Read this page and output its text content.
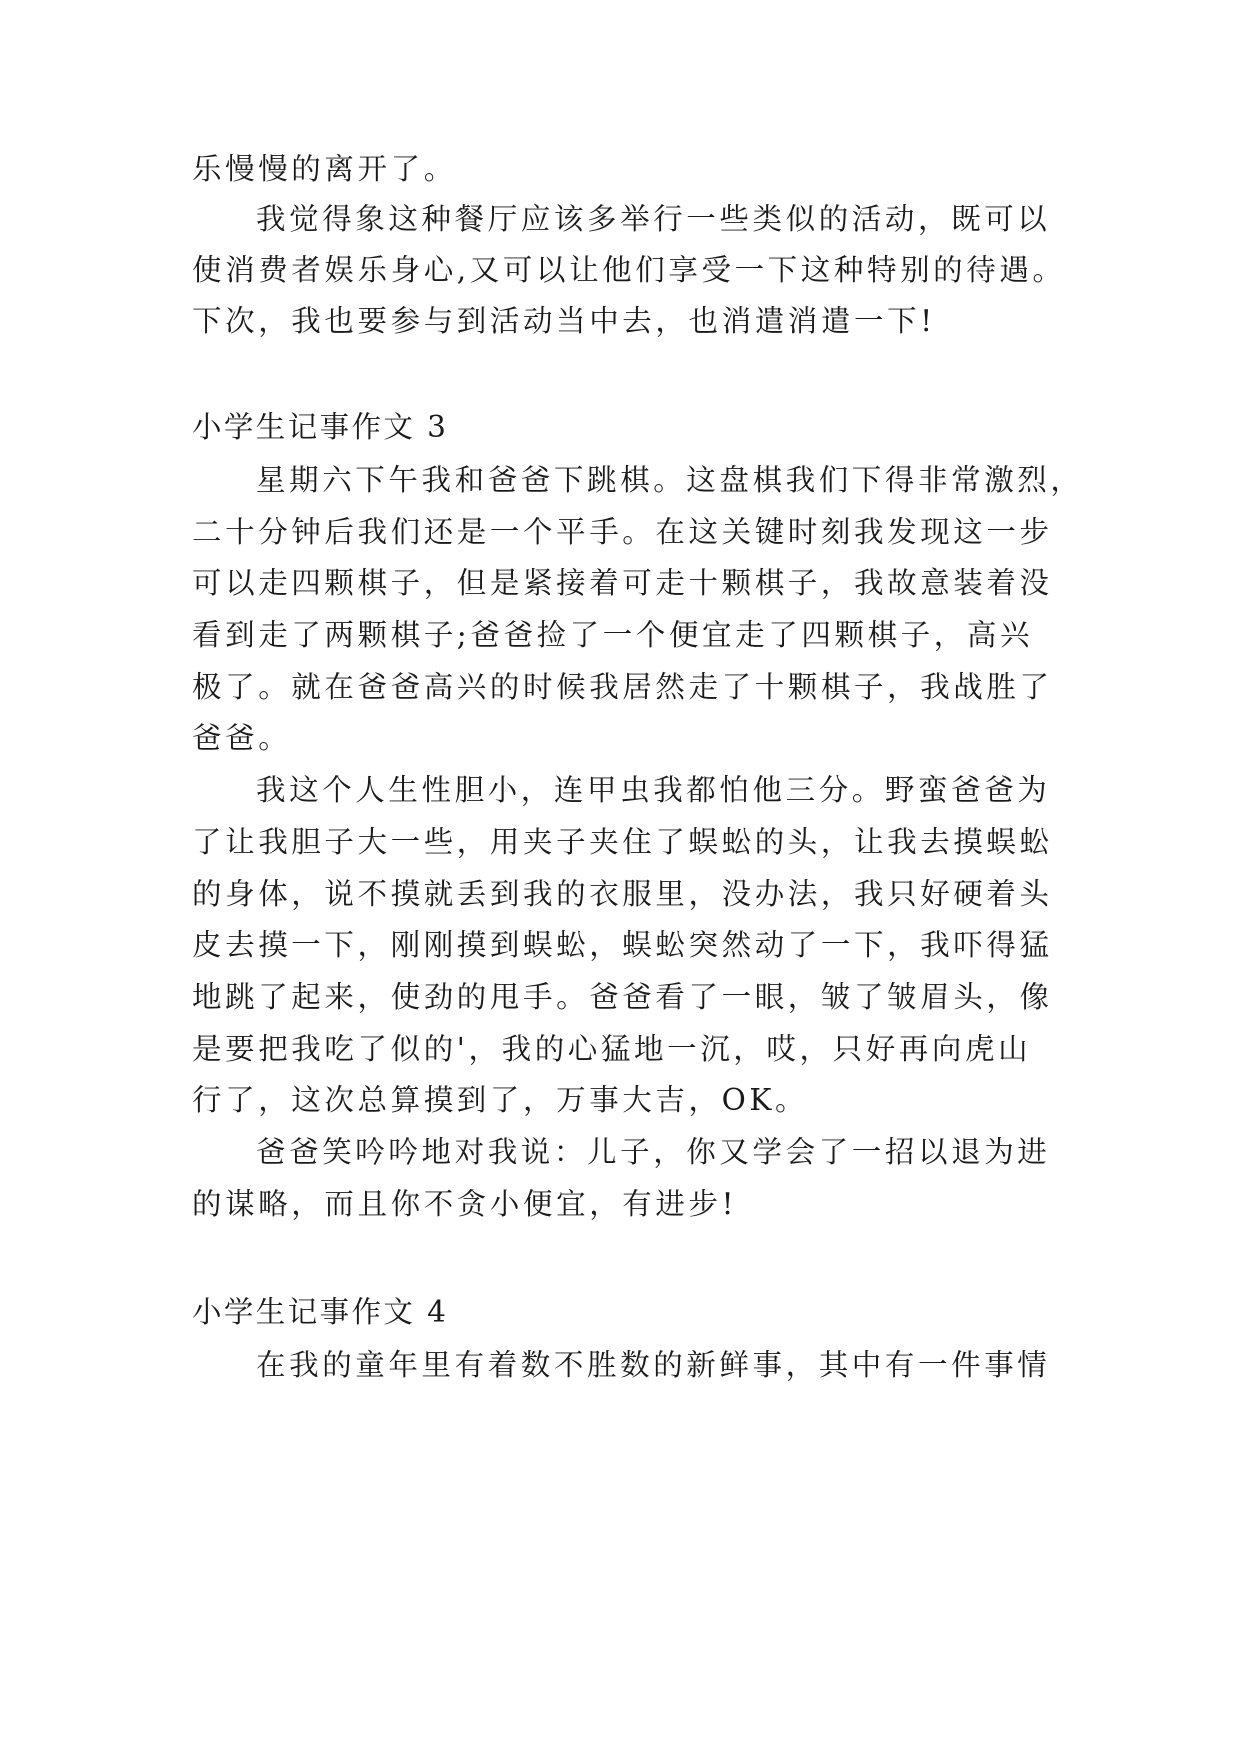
乐慢慢的离开了。
我觉得象这种餐厅应该多举行一些类似的活动，既可以
使消费者娱乐身心,又可以让他们享受一下这种特别的待遇。
下次，我也要参与到活动当中去，也消遣消遣一下!
小学生记事作文 3
星期六下午我和爸爸下跳棋。这盘棋我们下得非常激烈，
二十分钟后我们还是一个平手。在这关键时刻我发现这一步
可以走四颗棋子，但是紧接着可走十颗棋子，我故意装着没
看到走了两颗棋子;爸爸捡了一个便宜走了四颗棋子，高兴
极了。就在爸爸高兴的时候我居然走了十颗棋子，我战胜了
爸爸。
我这个人生性胆小，连甲虫我都怕他三分。野蛮爸爸为
了让我胆子大一些，用夹子夹住了蜈蚣的头，让我去摸蜈蚣
的身体，说不摸就丢到我的衣服里，没办法，我只好硬着头
皮去摸一下，刚刚摸到蜈蚣，蜈蚣突然动了一下，我吓得猛
地跳了起来，使劲的甩手。爸爸看了一眼，皱了皱眉头，像
是要把我吃了似的'，我的心猛地一沉，哎，只好再向虎山
行了，这次总算摸到了，万事大吉，OK。
爸爸笑吟吟地对我说：儿子，你又学会了一招以退为进
的谋略，而且你不贪小便宜，有进步!
小学生记事作文 4
在我的童年里有着数不胜数的新鲜事，其中有一件事情
